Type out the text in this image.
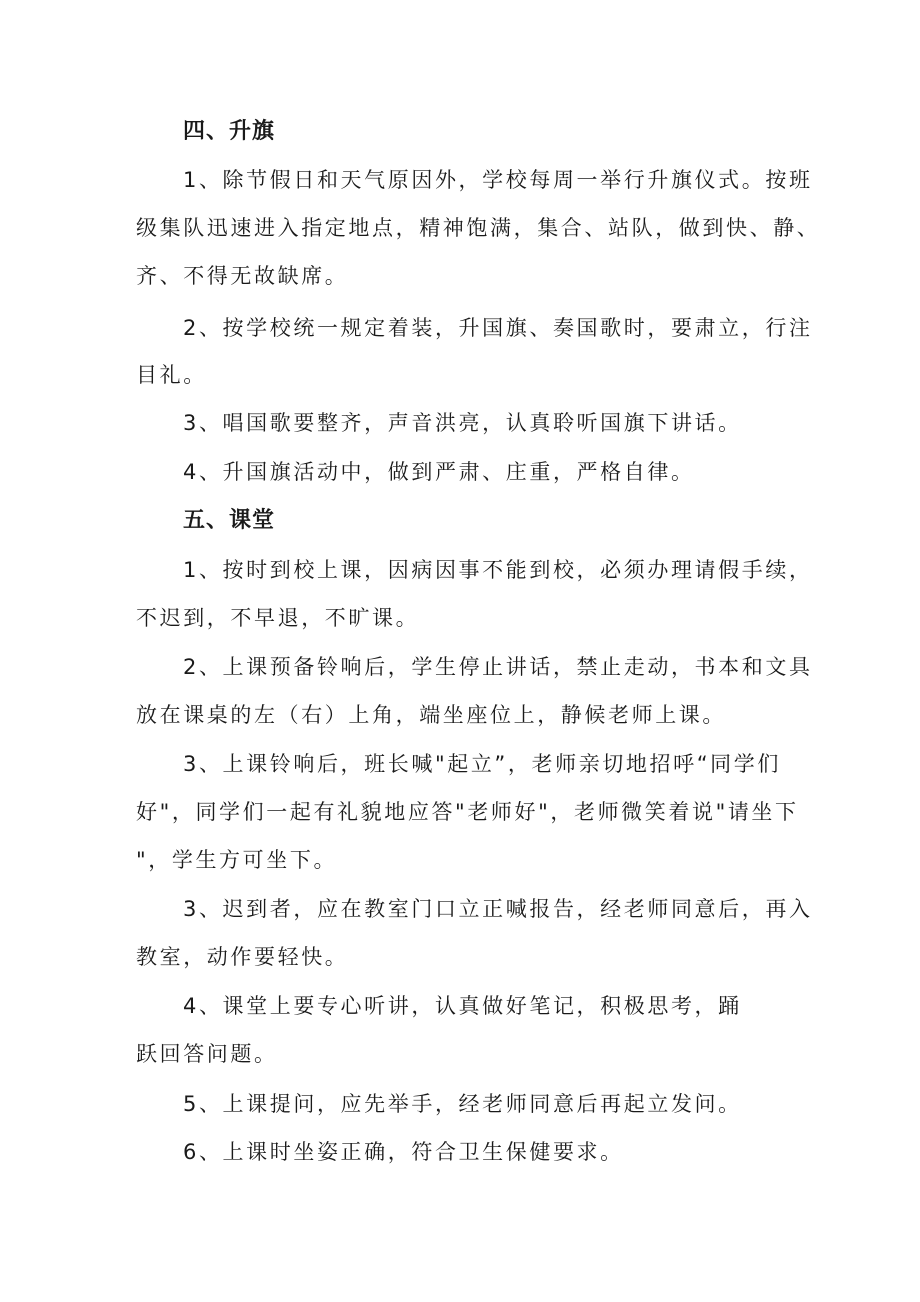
四、升旗
1、除节假日和天气原因外，学校每周一举行升旗仪式。按班
级集队迅速进入指定地点，精神饱满，集合、站队，做到快、静、
齐、不得无故缺席。
2、按学校统一规定着装，升国旗、奏国歌时，要肃立，行注
目礼。
3、唱国歌要整齐，声音洪亮，认真聆听国旗下讲话。
4、升国旗活动中，做到严肃、庄重，严格自律。
五、课堂
1、按时到校上课，因病因事不能到校，必须办理请假手续，
不迟到，不早退，不旷课。
2、上课预备铃响后，学生停止讲话，禁止走动，书本和文具
放在课桌的左（右）上角，端坐座位上，静候老师上课。
3、上课铃响后，班长喊"起立”，老师亲切地招呼“同学们
好"，同学们一起有礼貌地应答"老师好"，老师微笑着说"请坐下
"，学生方可坐下。
3、迟到者，应在教室门口立正喊报告，经老师同意后，再入
教室，动作要轻快。
4、课堂上要专心听讲，认真做好笔记，积极思考，踊
跃回答问题。
5、上课提问，应先举手，经老师同意后再起立发问。
6、上课时坐姿正确，符合卫生保健要求。
